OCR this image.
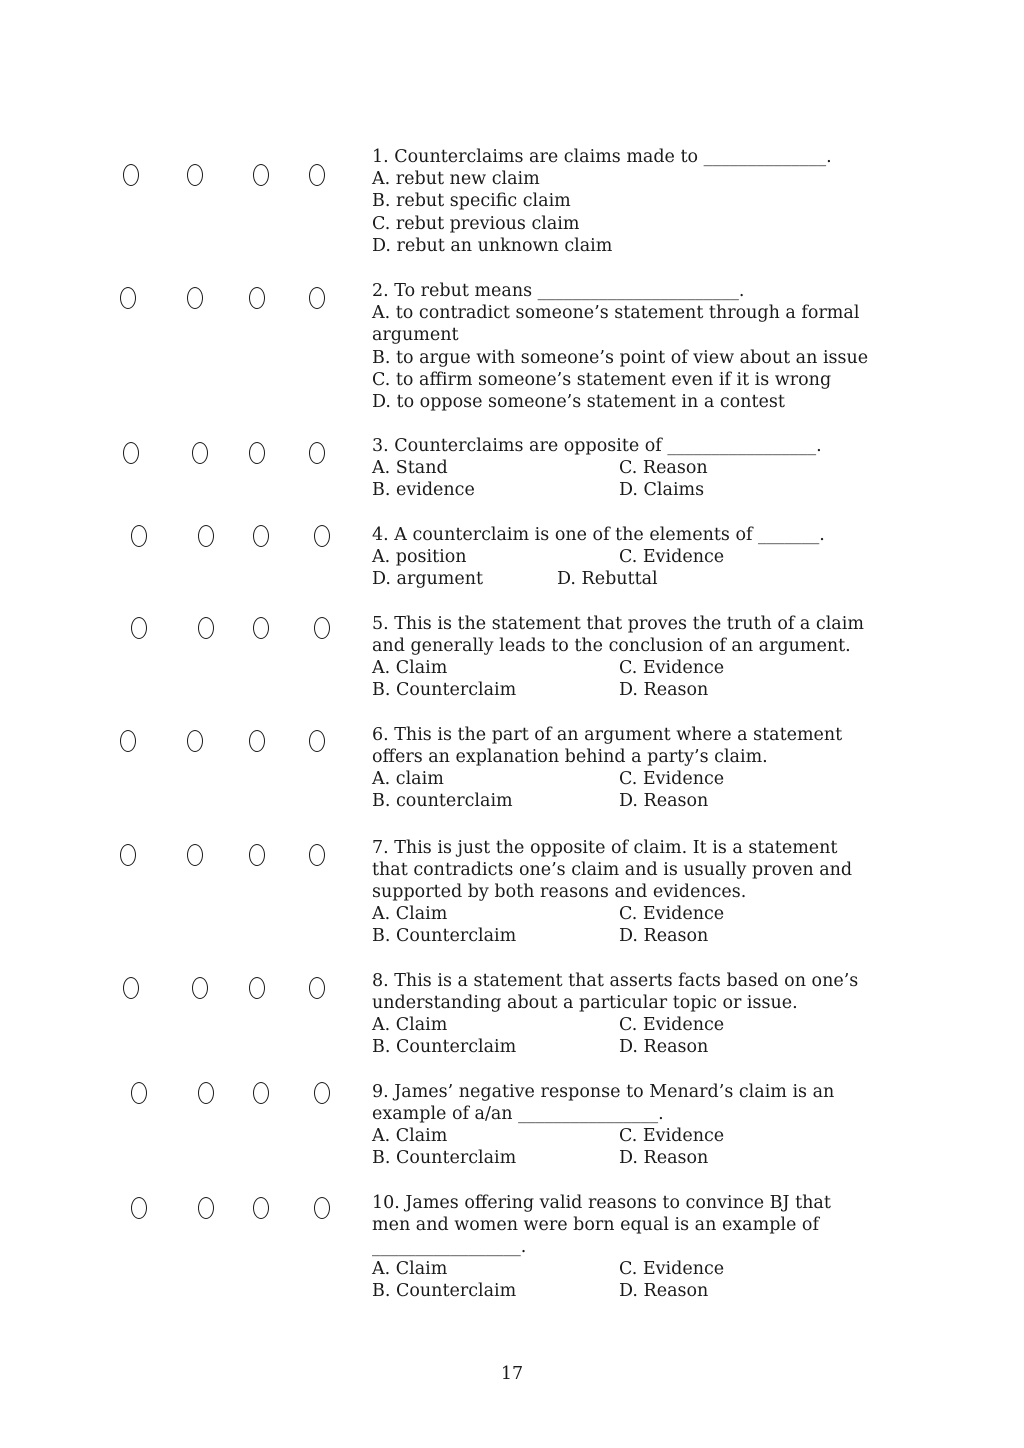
1. Counterclaims are claims made to ______________.
A. rebut new claim
B. rebut specific claim
C. rebut previous claim
D. rebut an unknown claim
2. To rebut means _______________________.
A. to contradict someone’s statement through a formal
argument
B. to argue with someone’s point of view about an issue
C. to affirm someone’s statement even if it is wrong
D. to oppose someone’s statement in a contest
3. Counterclaims are opposite of _________________.
A. Stand	C. Reason
B. evidence	D. Claims
4. A counterclaim is one of the elements of _______.
A. position	C. Evidence
D. argument	D. Rebuttal
5. This is the statement that proves the truth of a claim
and generally leads to the conclusion of an argument.
A. Claim	C. Evidence
B. Counterclaim	D. Reason
6. This is the part of an argument where a statement
offers an explanation behind a party’s claim.
A. claim	C. Evidence
B. counterclaim	D. Reason
7. This is just the opposite of claim. It is a statement
that contradicts one’s claim and is usually proven and
supported by both reasons and evidences.
A. Claim	C. Evidence
B. Counterclaim	D. Reason
8. This is a statement that asserts facts based on one’s
understanding about a particular topic or issue.
A. Claim	C. Evidence
B. Counterclaim	D. Reason
9. James’ negative response to Menard’s claim is an
example of a/an ________________.
A. Claim	C. Evidence
B. Counterclaim	D. Reason
10. James offering valid reasons to convince BJ that
men and women were born equal is an example of
_________________.
A. Claim	C. Evidence
B. Counterclaim	D. Reason
17
